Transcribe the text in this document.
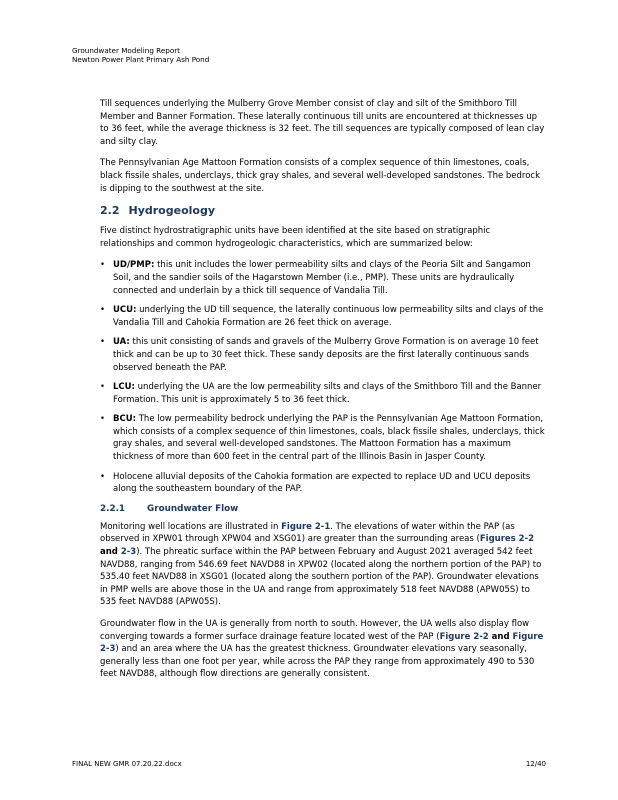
Groundwater Modeling Report
Newton Power Plant Primary Ash Pond

Till sequences underlying the Mulberry Grove Member consist of clay and silt of the Smithboro Till Member and Banner Formation. These laterally continuous till units are encountered at thicknesses up to 36 feet, while the average thickness is 32 feet. The till sequences are typically composed of lean clay and silty clay.

The Pennsylvanian Age Mattoon Formation consists of a complex sequence of thin limestones, coals, black fissile shales, underclays, thick gray shales, and several well-developed sandstones. The bedrock is dipping to the southwest at the site.

2.2 Hydrogeology

Five distinct hydrostratigraphic units have been identified at the site based on stratigraphic relationships and common hydrogeologic characteristics, which are summarized below:

• UD/PMP: this unit includes the lower permeability silts and clays of the Peoria Silt and Sangamon Soil, and the sandier soils of the Hagarstown Member (i.e., PMP). These units are hydraulically connected and underlain by a thick till sequence of Vandalia Till.
• UCU: underlying the UD till sequence, the laterally continuous low permeability silts and clays of the Vandalia Till and Cahokia Formation are 26 feet thick on average.
• UA: this unit consisting of sands and gravels of the Mulberry Grove Formation is on average 10 feet thick and can be up to 30 feet thick. These sandy deposits are the first laterally continuous sands observed beneath the PAP.
• LCU: underlying the UA are the low permeability silts and clays of the Smithboro Till and the Banner Formation. This unit is approximately 5 to 36 feet thick.
• BCU: The low permeability bedrock underlying the PAP is the Pennsylvanian Age Mattoon Formation, which consists of a complex sequence of thin limestones, coals, black fissile shales, underclays, thick gray shales, and several well-developed sandstones. The Mattoon Formation has a maximum thickness of more than 600 feet in the central part of the Illinois Basin in Jasper County.
• Holocene alluvial deposits of the Cahokia formation are expected to replace UD and UCU deposits along the southeastern boundary of the PAP.
2.2.1	Groundwater Flow

Monitoring well locations are illustrated in Figure 2-1. The elevations of water within the PAP (as observed in XPW01 through XPW04 and XSG01) are greater than the surrounding areas (Figures 2-2 and 2-3). The phreatic surface within the PAP between February and August 2021 averaged 542 feet NAVD88, ranging from 546.69 feet NAVD88 in XPW02 (located along the northern portion of the PAP) to 535.40 feet NAVD88 in XSG01 (located along the southern portion of the PAP). Groundwater elevations in PMP wells are above those in the UA and range from approximately 518 feet NAVD88 (APW05S) to 535 feet NAVD88 (APW05S).

Groundwater flow in the UA is generally from north to south. However, the UA wells also display flow converging towards a former surface drainage feature located west of the PAP (Figure 2-2 and Figure 2-3) and an area where the UA has the greatest thickness. Groundwater elevations vary seasonally, generally less than one foot per year, while across the PAP they range from approximately 490 to 530 feet NAVD88, although flow directions are generally consistent.

FINAL NEW GMR 07.20.22.docx	12/40
